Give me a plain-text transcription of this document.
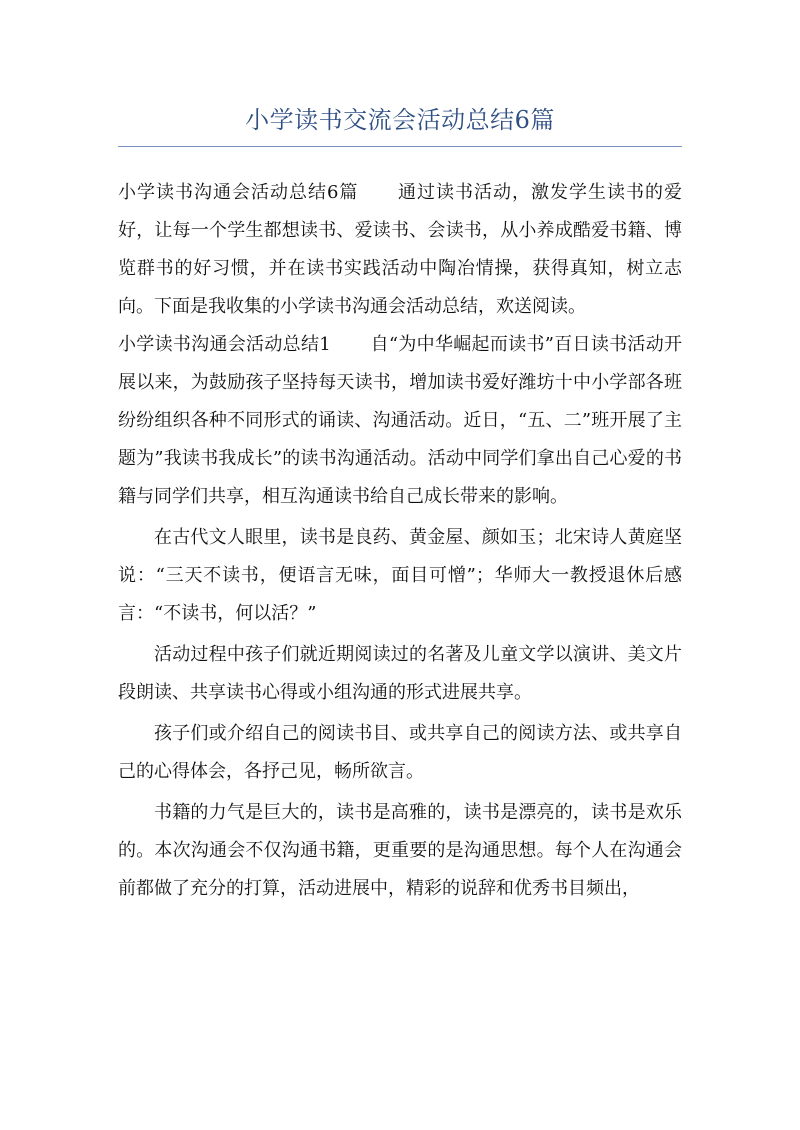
小学读书交流会活动总结6篇

小学读书沟通会活动总结6篇 通过读书活动，激发学生读书的爱好，让每一个学生都想读书、爱读书、会读书，从小养成酷爱书籍、博览群书的好习惯，并在读书实践活动中陶冶情操，获得真知，树立志向。下面是我收集的小学读书沟通会活动总结，欢送阅读。

小学读书沟通会活动总结1 自“为中华崛起而读书”百日读书活动开展以来，为鼓励孩子坚持每天读书，增加读书爱好潍坊十中小学部各班纷纷组织各种不同形式的诵读、沟通活动。近日，“五、二”班开展了主题为”我读书我成长”的读书沟通活动。活动中同学们拿出自己心爱的书籍与同学们共享，相互沟通读书给自己成长带来的影响。

在古代文人眼里，读书是良药、黄金屋、颜如玉；北宋诗人黄庭坚说：“三天不读书，便语言无味，面目可憎”；华师大一教授退休后感言：“不读书，何以活？”

活动过程中孩子们就近期阅读过的名著及儿童文学以演讲、美文片段朗读、共享读书心得或小组沟通的形式进展共享。

孩子们或介绍自己的阅读书目、或共享自己的阅读方法、或共享自己的心得体会，各抒己见，畅所欲言。

书籍的力气是巨大的，读书是高雅的，读书是漂亮的，读书是欢乐的。本次沟通会不仅沟通书籍，更重要的是沟通思想。每个人在沟通会前都做了充分的打算，活动进展中，精彩的说辞和优秀书目频出，
